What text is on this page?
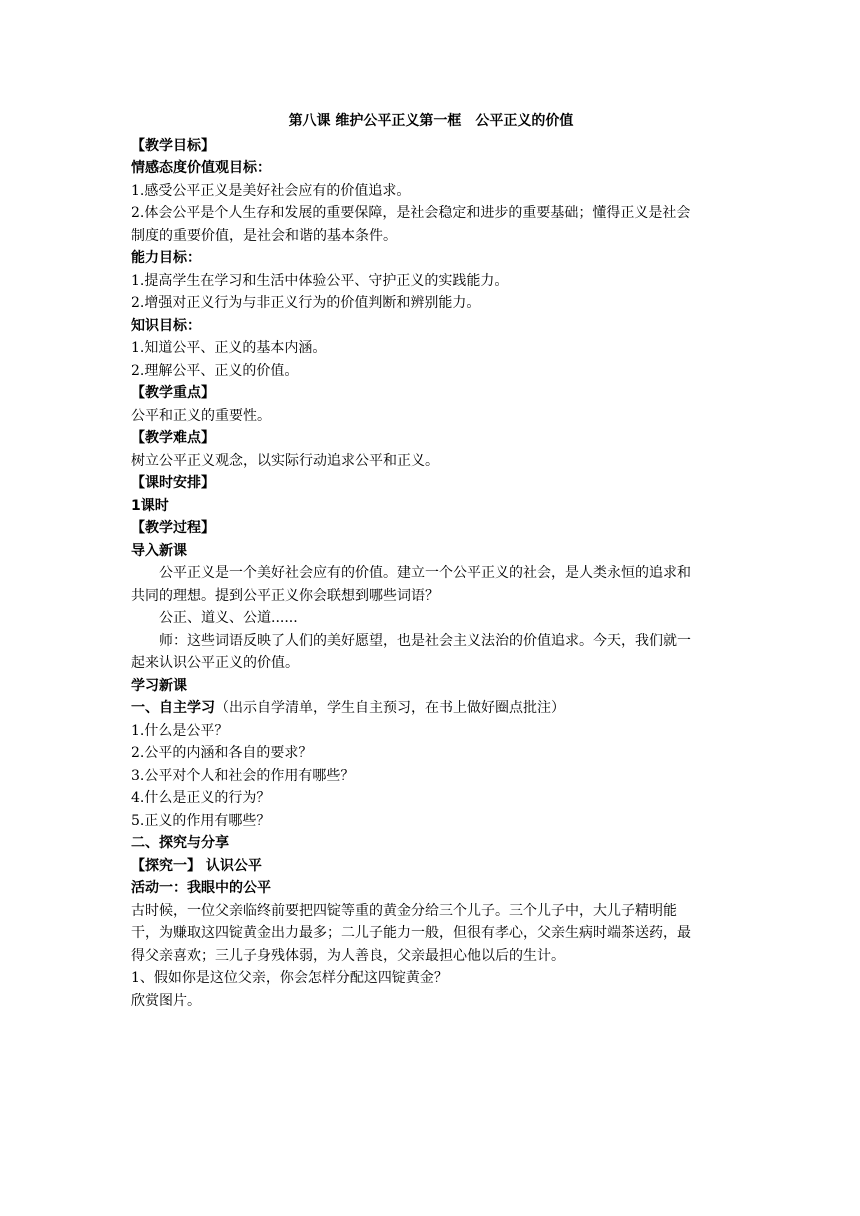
第八课 维护公平正义第一框　公平正义的价值

【教学目标】

情感态度价值观目标：

1.感受公平正义是美好社会应有的价值追求。

2.体会公平是个人生存和发展的重要保障，是社会稳定和进步的重要基础；懂得正义是社会

制度的重要价值，是社会和谐的基本条件。

能力目标：

1.提高学生在学习和生活中体验公平、守护正义的实践能力。

2.增强对正义行为与非正义行为的价值判断和辨别能力。

知识目标：

1.知道公平、正义的基本内涵。

2.理解公平、正义的价值。

【教学重点】

公平和正义的重要性。

【教学难点】

树立公平正义观念，以实际行动追求公平和正义。

【课时安排】

1课时

【教学过程】

导入新课

公平正义是一个美好社会应有的价值。建立一个公平正义的社会，是人类永恒的追求和

共同的理想。提到公平正义你会联想到哪些词语？

公正、道义、公道......

师：这些词语反映了人们的美好愿望，也是社会主义法治的价值追求。今天，我们就一

起来认识公平正义的价值。

学习新课

一、自主学习（出示自学清单，学生自主预习，在书上做好圈点批注）

1.什么是公平？

2.公平的内涵和各自的要求？

3.公平对个人和社会的作用有哪些？

4.什么是正义的行为？

5.正义的作用有哪些？

二、探究与分享

【探究一】 认识公平

活动一：我眼中的公平

古时候，一位父亲临终前要把四锭等重的黄金分给三个儿子。三个儿子中，大儿子精明能

干，为赚取这四锭黄金出力最多；二儿子能力一般，但很有孝心，父亲生病时端茶送药，最

得父亲喜欢；三儿子身残体弱，为人善良，父亲最担心他以后的生计。

1、假如你是这位父亲，你会怎样分配这四锭黄金？

欣赏图片。
